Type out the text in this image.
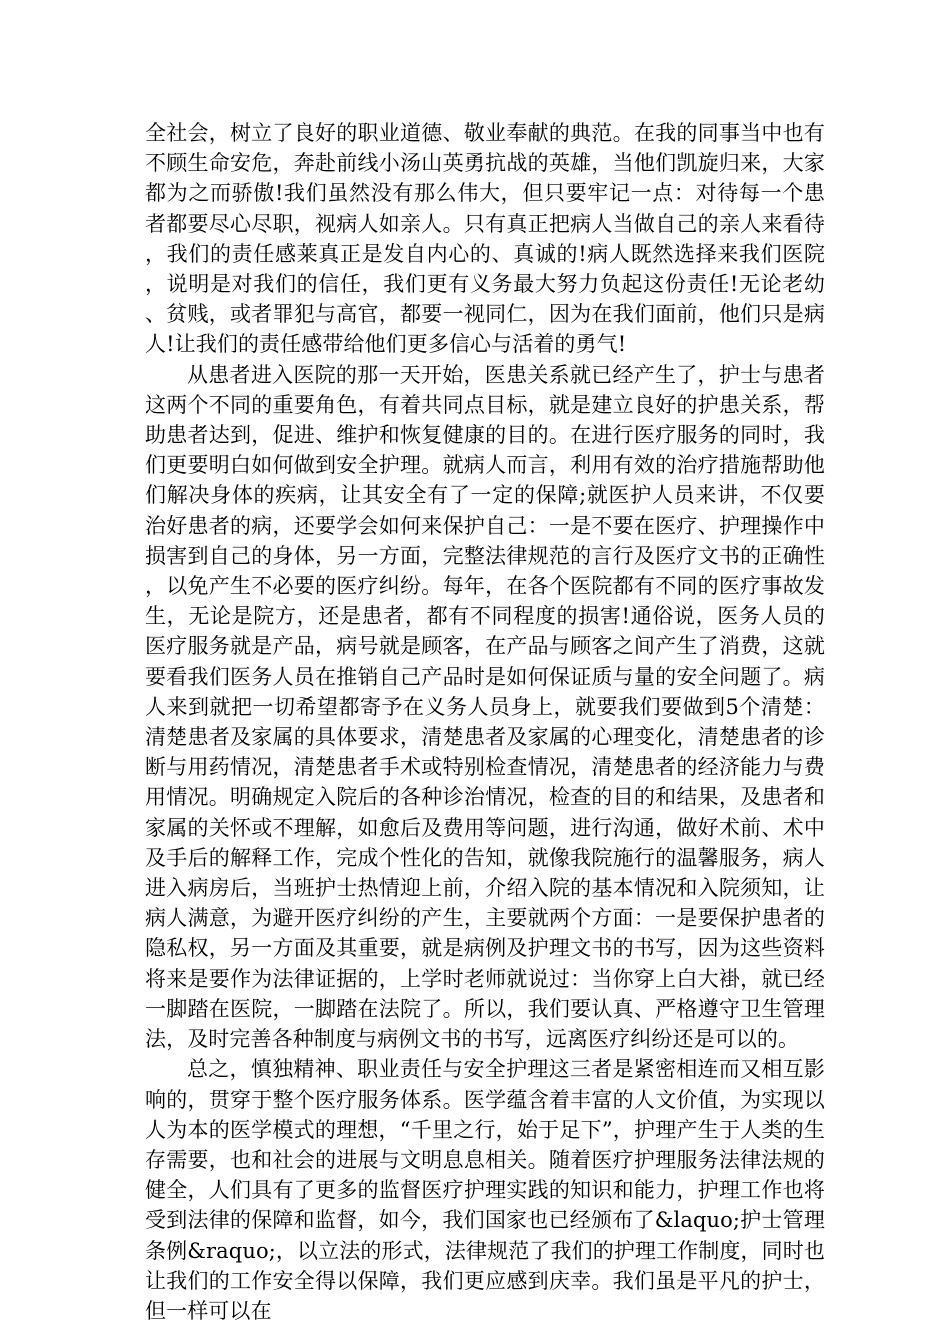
全社会，树立了良好的职业道德、敬业奉献的典范。在我的同事当中也有不顾生命安危，奔赴前线小汤山英勇抗战的英雄，当他们凯旋归来，大家都为之而骄傲!我们虽然没有那么伟大，但只要牢记一点：对待每一个患者都要尽心尽职，视病人如亲人。只有真正把病人当做自己的亲人来看待，我们的责任感莱真正是发自内心的、真诚的!病人既然选择来我们医院，说明是对我们的信任，我们更有义务最大努力负起这份责任!无论老幼、贫贱，或者罪犯与高官，都要一视同仁，因为在我们面前，他们只是病人!让我们的责任感带给他们更多信心与活着的勇气!

从患者进入医院的那一天开始，医患关系就已经产生了，护士与患者这两个不同的重要角色，有着共同点目标，就是建立良好的护患关系，帮助患者达到，促进、维护和恢复健康的目的。在进行医疗服务的同时，我们更要明白如何做到安全护理。就病人而言，利用有效的治疗措施帮助他们解决身体的疾病，让其安全有了一定的保障;就医护人员来讲，不仅要治好患者的病，还要学会如何来保护自己：一是不要在医疗、护理操作中损害到自己的身体，另一方面，完整法律规范的言行及医疗文书的正确性，以免产生不必要的医疗纠纷。每年，在各个医院都有不同的医疗事故发生，无论是院方，还是患者，都有不同程度的损害!通俗说，医务人员的医疗服务就是产品，病号就是顾客，在产品与顾客之间产生了消费，这就要看我们医务人员在推销自己产品时是如何保证质与量的安全问题了。病人来到就把一切希望都寄予在义务人员身上，就要我们要做到5个清楚：清楚患者及家属的具体要求，清楚患者及家属的心理变化，清楚患者的诊断与用药情况，清楚患者手术或特别检查情况，清楚患者的经济能力与费用情况。明确规定入院后的各种诊治情况，检查的目的和结果，及患者和家属的关怀或不理解，如愈后及费用等问题，进行沟通，做好术前、术中及手后的解释工作，完成个性化的告知，就像我院施行的温馨服务，病人进入病房后，当班护士热情迎上前，介绍入院的基本情况和入院须知，让病人满意，为避开医疗纠纷的产生，主要就两个方面：一是要保护患者的隐私权，另一方面及其重要，就是病例及护理文书的书写，因为这些资料将来是要作为法律证据的，上学时老师就说过：当你穿上白大褂，就已经一脚踏在医院，一脚踏在法院了。所以，我们要认真、严格遵守卫生管理法，及时完善各种制度与病例文书的书写，远离医疗纠纷还是可以的。

总之，慎独精神、职业责任与安全护理这三者是紧密相连而又相互影响的，贯穿于整个医疗服务体系。医学蕴含着丰富的人文价值，为实现以人为本的医学模式的理想，“千里之行，始于足下”，护理产生于人类的生存需要，也和社会的进展与文明息息相关。随着医疗护理服务法律法规的健全，人们具有了更多的监督医疗护理实践的知识和能力，护理工作也将受到法律的保障和监督，如今，我们国家也已经颁布了&laquo;护士管理条例&raquo;，以立法的形式，法律规范了我们的护理工作制度，同时也让我们的工作安全得以保障，我们更应感到庆幸。我们虽是平凡的护士，但一样可以在
